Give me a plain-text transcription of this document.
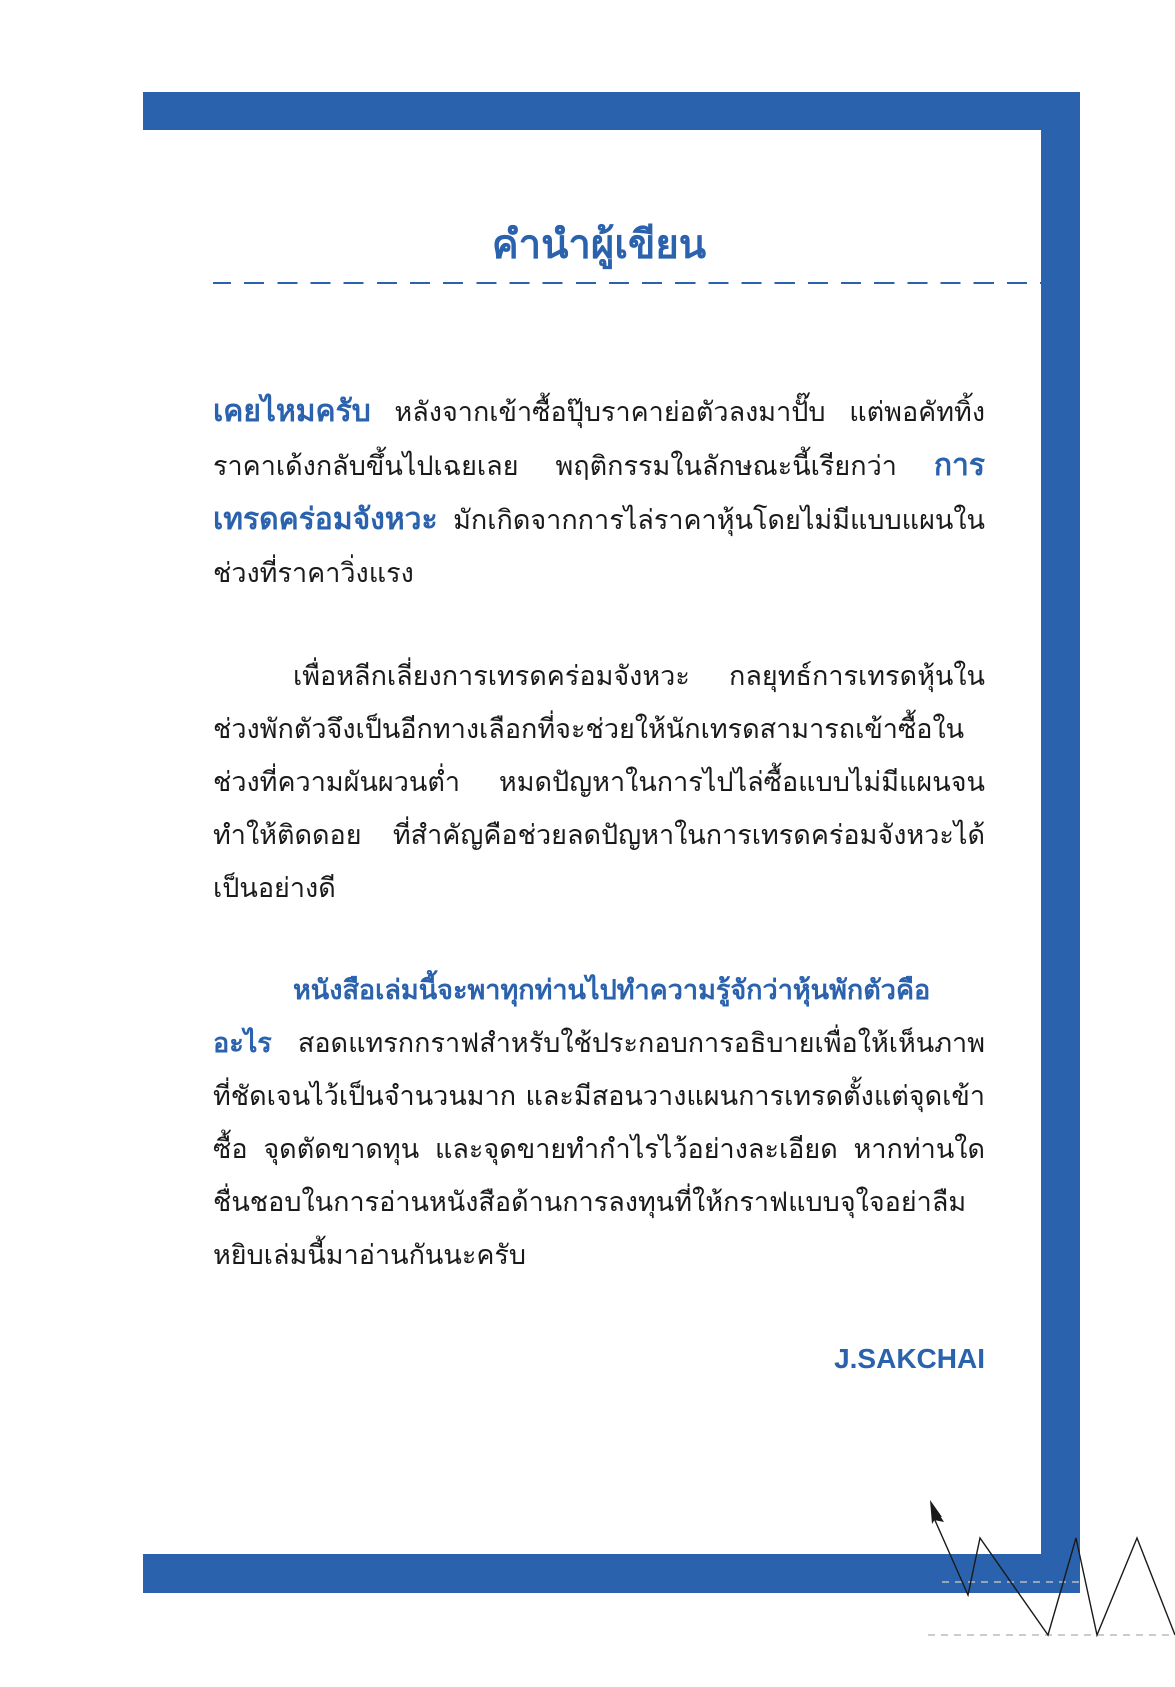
คำนำผู้เขียน

เคยไหมครับ หลังจากเข้าซื้อปุ๊บราคาย่อตัวลงมาปั๊บ แต่พอคัททิ้งราคาเด้งกลับขึ้นไปเฉยเลย พฤติกรรมในลักษณะนี้เรียกว่า การเทรดคร่อมจังหวะ มักเกิดจากการไล่ราคาหุ้นโดยไม่มีแบบแผนในช่วงที่ราคาวิ่งแรง

เพื่อหลีกเลี่ยงการเทรดคร่อมจังหวะ กลยุทธ์การเทรดหุ้นในช่วงพักตัวจึงเป็นอีกทางเลือกที่จะช่วยให้นักเทรดสามารถเข้าซื้อในช่วงที่ความผันผวนต่ำ หมดปัญหาในการไปไล่ซื้อแบบไม่มีแผนจนทำให้ติดดอย ที่สำคัญคือช่วยลดปัญหาในการเทรดคร่อมจังหวะได้เป็นอย่างดี

หนังสือเล่มนี้จะพาทุกท่านไปทำความรู้จักว่าหุ้นพักตัวคืออะไร สอดแทรกกราฟสำหรับใช้ประกอบการอธิบายเพื่อให้เห็นภาพที่ชัดเจนไว้เป็นจำนวนมาก และมีสอนวางแผนการเทรดตั้งแต่จุดเข้าซื้อ จุดตัดขาดทุน และจุดขายทำกำไรไว้อย่างละเอียด หากท่านใดชื่นชอบในการอ่านหนังสือด้านการลงทุนที่ให้กราฟแบบจุใจอย่าลืมหยิบเล่มนี้มาอ่านกันนะครับ

J.SAKCHAI
